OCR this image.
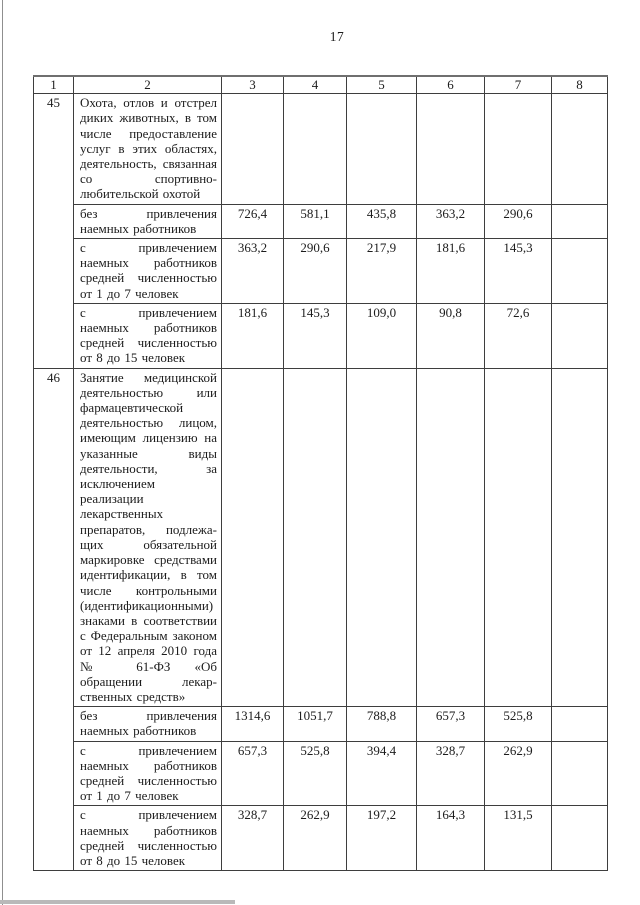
17
1	2	3	4	5	6	7	8
45	Охота, отлов и отстрел диких животных, в том числе предоставление услуг в этих областях, деятельность, связанная со спортивно-любительской охотой						
	без привлечения наемных работников	726,4	581,1	435,8	363,2	290,6	
	с привлечением наемных работников средней численностью от 1 до 7 человек	363,2	290,6	217,9	181,6	145,3	
	с привлечением наемных работников средней численностью от 8 до 15 человек	181,6	145,3	109,0	90,8	72,6	
46	Занятие медицинской деятельностью или фармацевтической деятельностью лицом, имеющим лицензию на указанные виды деятельности, за исключением реализации лекарственных препаратов, подлежащих обязательной маркировке средствами идентификации, в том числе контрольными (идентификационными) знаками в соответствии с Федеральным законом от 12 апреля 2010 года № 61-ФЗ «Об обращении лекарственных средств»						
	без привлечения наемных работников	1314,6	1051,7	788,8	657,3	525,8	
	с привлечением наемных работников средней численностью от 1 до 7 человек	657,3	525,8	394,4	328,7	262,9	
	с привлечением наемных работников средней численностью от 8 до 15 человек	328,7	262,9	197,2	164,3	131,5	
